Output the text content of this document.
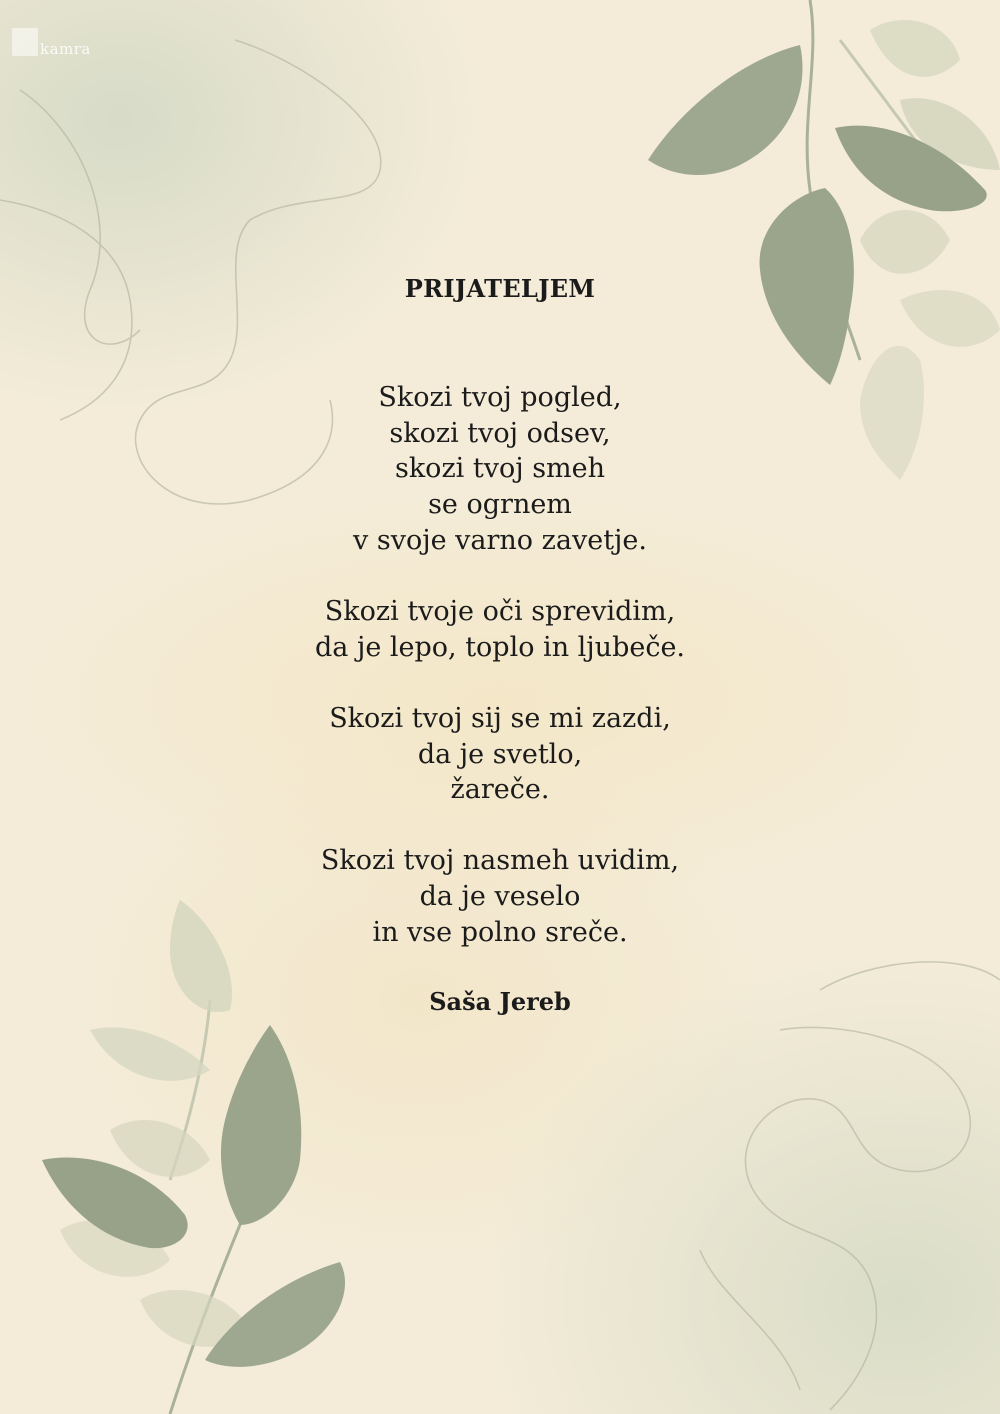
kamra
PRIJATELJEM
Skozi tvoj pogled,
skozi tvoj odsev,
skozi tvoj smeh
se ogrnem
v svoje varno zavetje.
Skozi tvoje oči sprevidim,
da je lepo, toplo in ljubeče.
Skozi tvoj sij se mi zazdi,
da je svetlo,
žareče.
Skozi tvoj nasmeh uvidim,
da je veselo
in vse polno sreče.
Saša Jereb
